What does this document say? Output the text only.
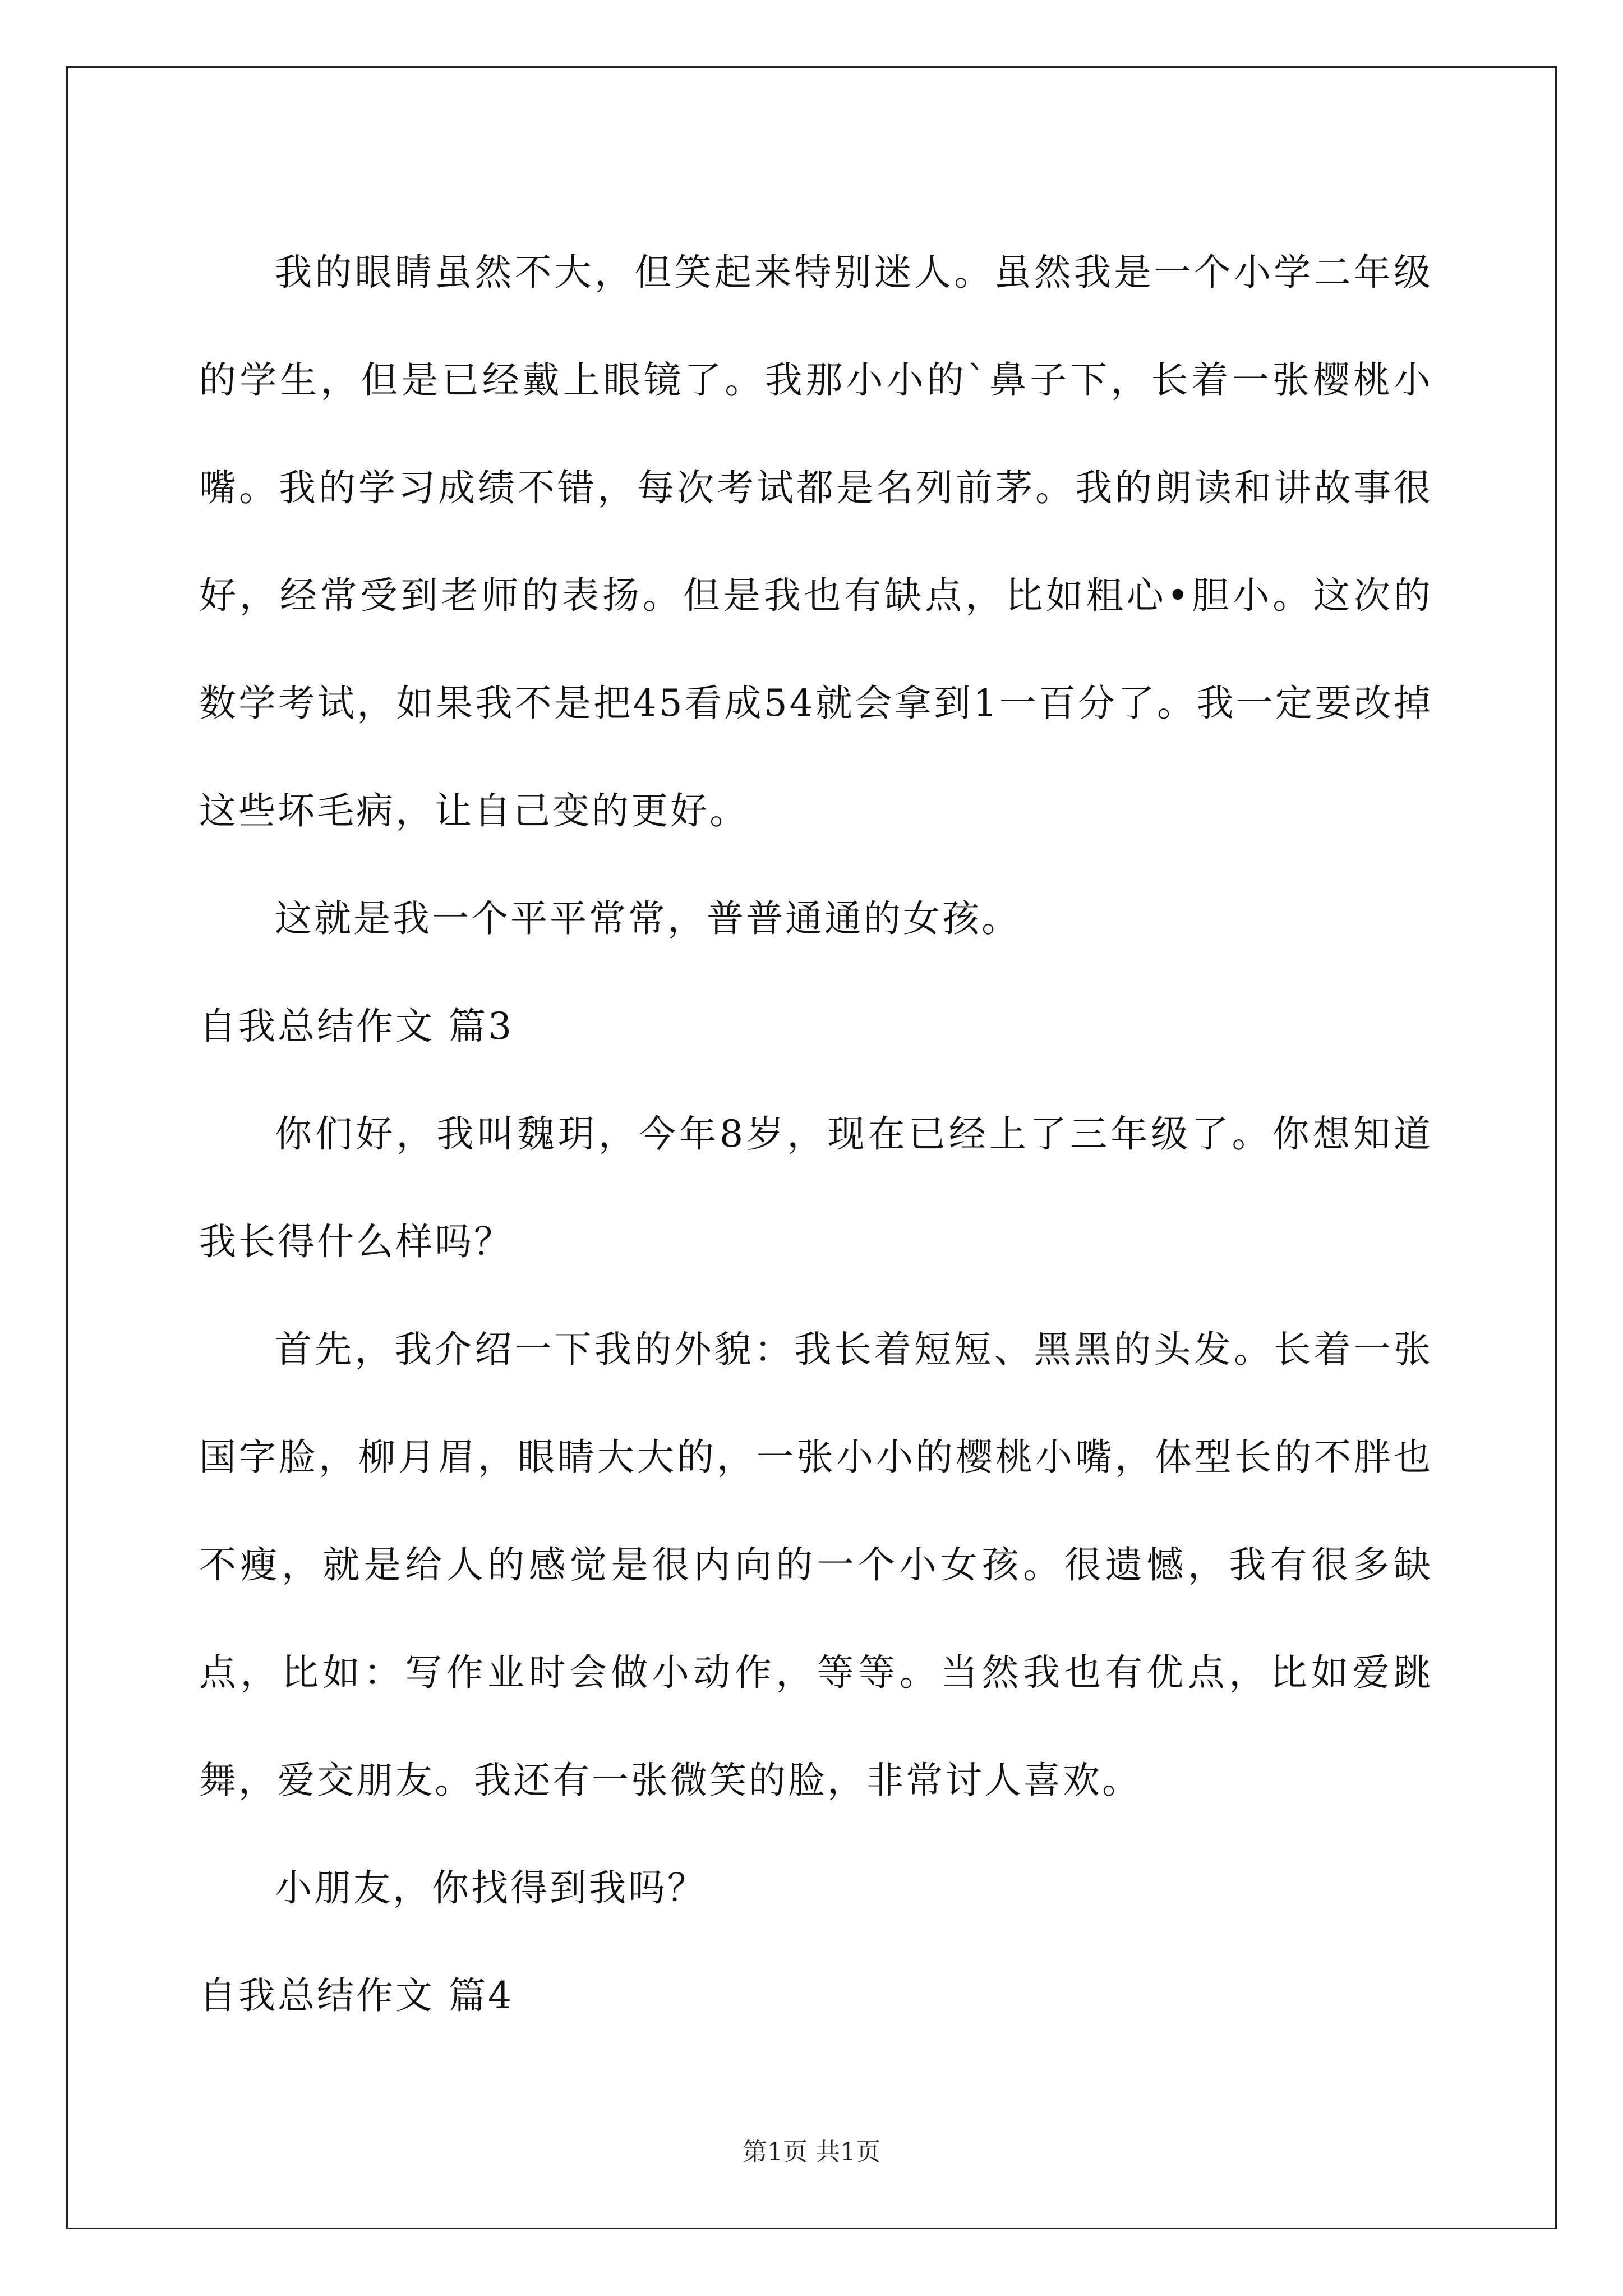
我的眼睛虽然不大，但笑起来特别迷人。虽然我是一个小学二年级的学生，但是已经戴上眼镜了。我那小小的`鼻子下，长着一张樱桃小嘴。我的学习成绩不错，每次考试都是名列前茅。我的朗读和讲故事很好，经常受到老师的表扬。但是我也有缺点，比如粗心•胆小。这次的数学考试，如果我不是把45看成54就会拿到1一百分了。我一定要改掉这些坏毛病，让自己变的更好。

这就是我一个平平常常，普普通通的女孩。

自我总结作文 篇3

你们好，我叫魏玥，今年8岁，现在已经上了三年级了。你想知道我长得什么样吗？

首先，我介绍一下我的外貌：我长着短短、黑黑的头发。长着一张国字脸，柳月眉，眼睛大大的，一张小小的樱桃小嘴，体型长的不胖也不瘦，就是给人的感觉是很内向的一个小女孩。很遗憾，我有很多缺点，比如：写作业时会做小动作，等等。当然我也有优点，比如爱跳舞，爱交朋友。我还有一张微笑的脸，非常讨人喜欢。

小朋友，你找得到我吗？

自我总结作文 篇4

第1页 共1页
